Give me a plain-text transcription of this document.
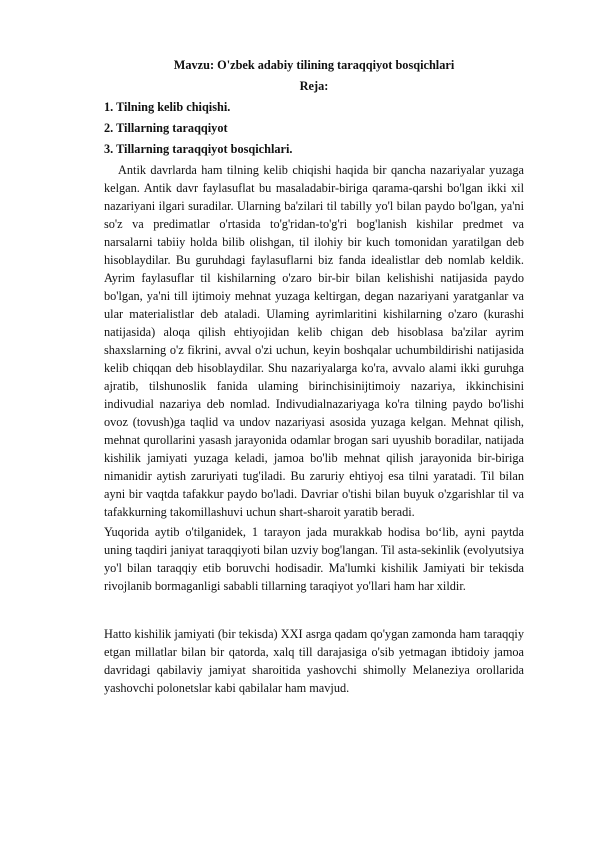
Mavzu: O'zbek adabiy tilining taraqqiyot bosqichlari

Reja:

1. Tilning kelib chiqishi.

2. Tillarning taraqqiyot

3. Tillarning taraqqiyot bosqichlari.

Antik davrlarda ham tilning kelib chiqishi haqida bir qancha nazariyalar yuzaga kelgan. Antik davr faylasuflat bu masaladabir-biriga qarama-qarshi bo'lgan ikki xil nazariyani ilgari suradilar. Ularning ba'zilari til tabilly yo'l bilan paydo bo'lgan, ya'ni so'z va predimatlar o'rtasida to'g'ridan-to'g'ri bog'lanish kishilar predmet va narsalarni tabiiy holda bilib olishgan, til ilohiy bir kuch tomonidan yaratilgan deb hisoblaydilar. Bu guruhdagi faylasuflarni biz fanda idealistlar deb nomlab keldik. Ayrim faylasuflar til kishilarning o'zaro bir-bir bilan kelishishi natijasida paydo bo'lgan, ya'ni till ijtimoiy mehnat yuzaga keltirgan, degan nazariyani yaratganlar va ular materialistlar deb ataladi. Ulaming ayrimlaritini kishilarning o'zaro (kurashi natijasida) aloqa qilish ehtiyojidan kelib chigan deb hisoblasa ba'zilar ayrim shaxslarning o'z fikrini, avval o'zi uchun, keyin boshqalar uchumbildirishi natijasida kelib chiqqan deb hisoblaydilar. Shu nazariyalarga ko'ra, avvalo alami ikki guruhga ajratib, tilshunoslik fanida ulaming birinchisinijtimoiy nazariya, ikkinchisini indivudial nazariya deb nomlad. Indivudialnazariyaga ko'ra tilning paydo bo'lishi ovoz (tovush)ga taqlid va undov nazariyasi asosida yuzaga kelgan. Mehnat qilish, mehnat qurollarini yasash jarayonida odamlar brogan sari uyushib boradilar, natijada kishilik jamiyati yuzaga keladi, jamoa bo'lib mehnat qilish jarayonida bir-biriga nimanidir aytish zaruriyati tug'iladi. Bu zaruriy ehtiyoj esa tilni yaratadi. Til bilan ayni bir vaqtda tafakkur paydo bo'ladi. Davriar o'tishi bilan buyuk o'zgarishlar til va tafakkurning takomillashuvi uchun shart-sharoit yaratib beradi.

Yuqorida aytib o'tilganidek, 1 tarayon jada murakkab hodisa bo‘lib, ayni paytda uning taqdiri janiyat taraqqiyoti bilan uzviy bog'langan. Til asta-sekinlik (evolyutsiya yo'l bilan taraqqiy etib boruvchi hodisadir. Ma'lumki kishilik Jamiyati bir tekisda rivojlanib bormaganligi sababli tillarning taraqiyot yo'llari ham har xildir.

Hatto kishilik jamiyati (bir tekisda) XXI asrga qadam qo'ygan zamonda ham taraqqiy etgan millatlar bilan bir qatorda, xalq till darajasiga o'sib yetmagan ibtidoiy jamoa davridagi qabilaviy jamiyat sharoitida yashovchi shimolly Melaneziya orollarida yashovchi polonetslar kabi qabilalar ham mavjud.
